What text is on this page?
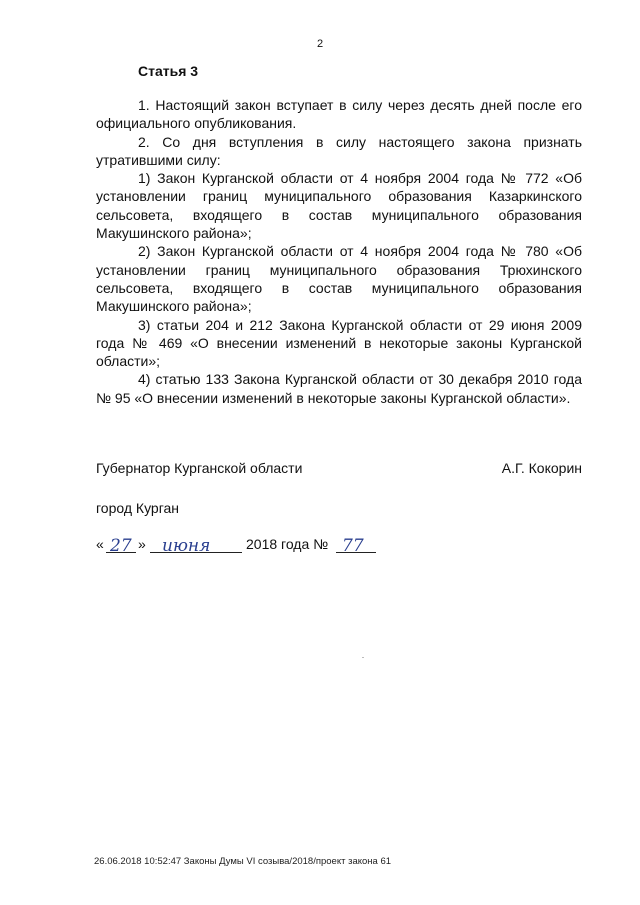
2
Статья 3

1. Настоящий закон вступает в силу через десять дней после его официального опубликования.

2. Со дня вступления в силу настоящего закона признать утратившими силу:

1) Закон Курганской области от 4 ноября 2004 года № 772 «Об установлении границ муниципального образования Казаркинского сельсовета, входящего в состав муниципального образования Макушинского района»;

2) Закон Курганской области от 4 ноября 2004 года № 780 «Об установлении границ муниципального образования Трюхинского сельсовета, входящего в состав муниципального образования Макушинского района»;

3) статьи 204 и 212 Закона Курганской области от 29 июня 2009 года № 469 «О внесении изменений в некоторые законы Курганской области»;

4) статью 133 Закона Курганской области от 30 декабря 2010 года № 95 «О внесении изменений в некоторые законы Курганской области».

Губернатор Курганской области	А.Г. Кокорин
город Курган
« 27 » июня	2018 года № 77
26.06.2018 10:52:47 Законы Думы VI созыва/2018/проект закона 61
